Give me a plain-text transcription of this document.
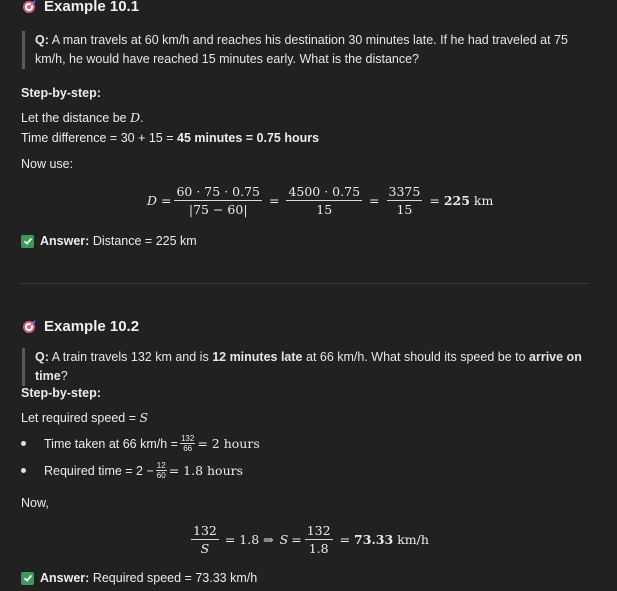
Example 10.1
Q: A man travels at 60 km/h and reaches his destination 30 minutes late. If he had traveled at 75 km/h, he would have reached 15 minutes early. What is the distance?
Step-by-step:
Let the distance be D.
Time difference = 30 + 15 = 45 minutes = 0.75 hours
Now use:
$D = \frac{60 \cdot 75 \cdot 0.75}{|75 - 60|} = \frac{4500 \cdot 0.75}{15} = \frac{3375}{15} = 225$ km
Answer:
Distance = 225 km
Example 10.2
Q: A train travels 132 km and is 12 minutes late at 66 km/h. What should its speed be to arrive on time?
Step-by-step:
Let required speed = S
Time taken at 66 $km/h = \frac{132}{66} = 2$ hours
Required time = $2 - \frac{12}{60} = 1.8$ hours
Now,
$\frac{132}{S} = 1.8$ ⇒ $S = \frac{132}{1.8} = 73.33$ km/h
Answer:
Required speed = 73.33 km/h
